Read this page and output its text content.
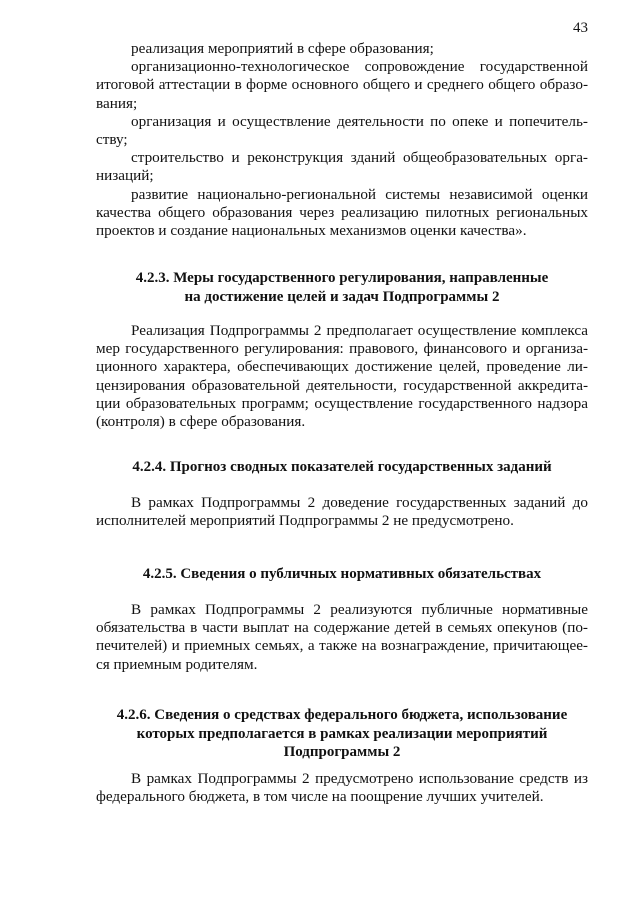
43

реализация мероприятий в сфере образования;

организационно-технологическое сопровождение государственной
итоговой аттестации в форме основного общего и среднего общего образо-
вания;

организация и осуществление деятельности по опеке и попечитель-
ству;

строительство и реконструкция зданий общеобразовательных орга-
низаций;

развитие национально-региональной системы независимой оценки
качества общего образования через реализацию пилотных региональных
проектов и создание национальных механизмов оценки качества».

4.2.3. Меры государственного регулирования, направленные
на достижение целей и задач Подпрограммы 2
Реализация Подпрограммы 2 предполагает осуществление комплекса
мер государственного регулирования: правового, финансового и организа-
ционного характера, обеспечивающих достижение целей, проведение ли-
цензирования образовательной деятельности, государственной аккредита-
ции образовательных программ; осуществление государственного надзора
(контроля) в сфере образования.
4.2.4. Прогноз сводных показателей государственных заданий
В рамках Подпрограммы 2 доведение государственных заданий до
исполнителей мероприятий Подпрограммы 2 не предусмотрено.
4.2.5. Сведения о публичных нормативных обязательствах
В рамках Подпрограммы 2 реализуются публичные нормативные
обязательства в части выплат на содержание детей в семьях опекунов (по-
печителей) и приемных семьях, а также на вознаграждение, причитающее-
ся приемным родителям.
4.2.6. Сведения о средствах федерального бюджета, использование
которых предполагается в рамках реализации мероприятий
Подпрограммы 2
В рамках Подпрограммы 2 предусмотрено использование средств из
федерального бюджета, в том числе на поощрение лучших учителей.
